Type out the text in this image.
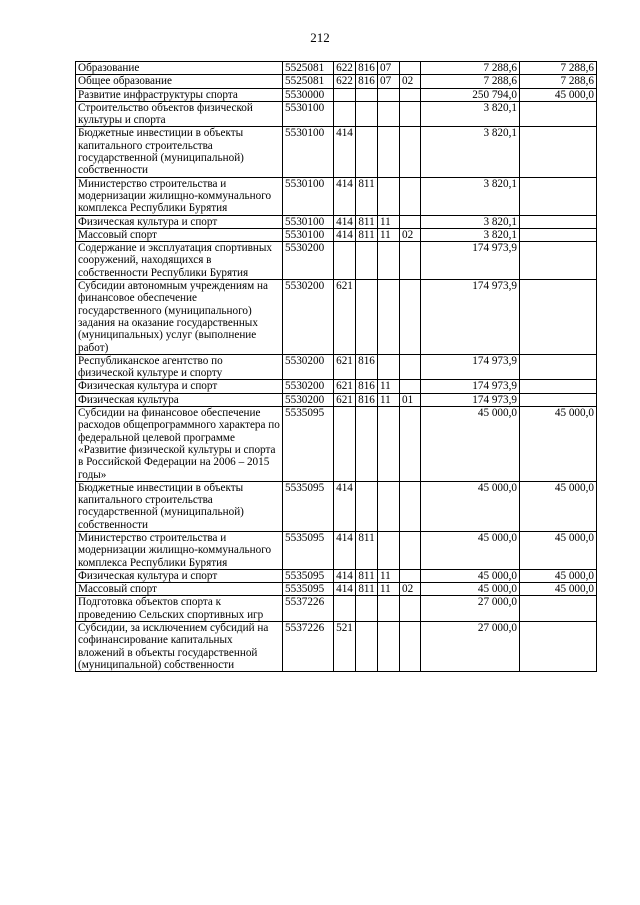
212
Образование	5525081	622	816	07		7 288,6	7 288,6
Общее образование	5525081	622	816	07	02	7 288,6	7 288,6
Развитие инфраструктуры спорта	5530000					250 794,0	45 000,0
Строительство объектов физической культуры и спорта	5530100					3 820,1	
Бюджетные инвестиции в объекты капитального строительства государственной (муниципальной) собственности	5530100	414				3 820,1	
Министерство строительства и модернизации жилищно-коммунального комплекса Республики Бурятия	5530100	414	811			3 820,1	
Физическая культура и спорт	5530100	414	811	11		3 820,1	
Массовый спорт	5530100	414	811	11	02	3 820,1	
Содержание и эксплуатация спортивных сооружений, находящихся в собственности Республики Бурятия	5530200					174 973,9	
Субсидии автономным учреждениям на финансовое обеспечение государственного (муниципального) задания на оказание государственных (муниципальных) услуг (выполнение работ)	5530200	621				174 973,9	
Республиканское агентство по физической культуре и спорту	5530200	621	816			174 973,9	
Физическая культура и спорт	5530200	621	816	11		174 973,9	
Физическая культура	5530200	621	816	11	01	174 973,9	
Субсидии на финансовое обеспечение расходов общепрограммного характера по федеральной целевой программе «Развитие физической культуры и спорта в Российской Федерации на 2006 – 2015 годы»	5535095					45 000,0	45 000,0
Бюджетные инвестиции в объекты капитального строительства государственной (муниципальной) собственности	5535095	414				45 000,0	45 000,0
Министерство строительства и модернизации жилищно-коммунального комплекса Республики Бурятия	5535095	414	811			45 000,0	45 000,0
Физическая культура и спорт	5535095	414	811	11		45 000,0	45 000,0
Массовый спорт	5535095	414	811	11	02	45 000,0	45 000,0
Подготовка объектов спорта к проведению Сельских спортивных игр	5537226					27 000,0	
Субсидии, за исключением субсидий на софинансирование капитальных вложений в объекты государственной (муниципальной) собственности	5537226	521				27 000,0	
